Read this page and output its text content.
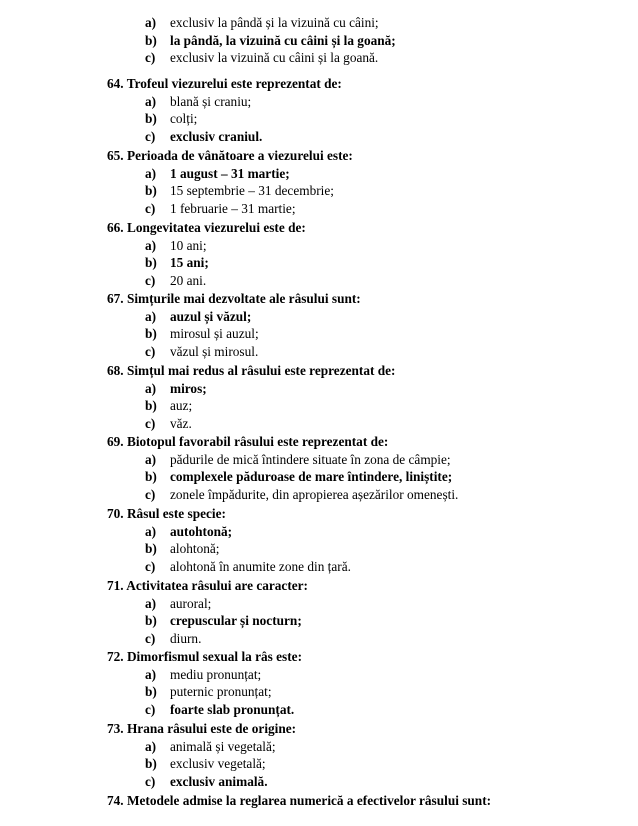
a) exclusiv la pândă și la vizuină cu câini;
b) la pândă, la vizuină cu câini și la goană;
c) exclusiv la vizuină cu câini și la goană.
64. Trofeul viezurelui este reprezentat de:
a) blană și craniu;
b) colți;
c) exclusiv craniul.
65. Perioada de vânătoare a viezurelui este:
a) 1 august – 31 martie;
b) 15 septembrie – 31 decembrie;
c) 1 februarie – 31 martie;
66. Longevitatea viezurelui este de:
a) 10 ani;
b) 15 ani;
c) 20 ani.
67. Simțurile mai dezvoltate ale râsului sunt:
a) auzul și văzul;
b) mirosul și auzul;
c) văzul și mirosul.
68. Simțul mai redus al râsului este reprezentat de:
a) miros;
b) auz;
c) văz.
69. Biotopul favorabil râsului este reprezentat de:
a) pădurile de mică întindere situate în zona de câmpie;
b) complexele păduroase de mare întindere, liniștite;
c) zonele împădurite, din apropierea așezărilor omenești.
70. Râsul este specie:
a) autohtonă;
b) alohtonă;
c) alohtonă în anumite zone din țară.
71. Activitatea râsului are caracter:
a) auroral;
b) crepuscular și nocturn;
c) diurn.
72. Dimorfismul sexual la râs este:
a) mediu pronunțat;
b) puternic pronunțat;
c) foarte slab pronunțat.
73. Hrana râsului este de origine:
a) animală și vegetală;
b) exclusiv vegetală;
c) exclusiv animală.
74. Metodele admise la reglarea numerică a efectivelor râsului sunt:
